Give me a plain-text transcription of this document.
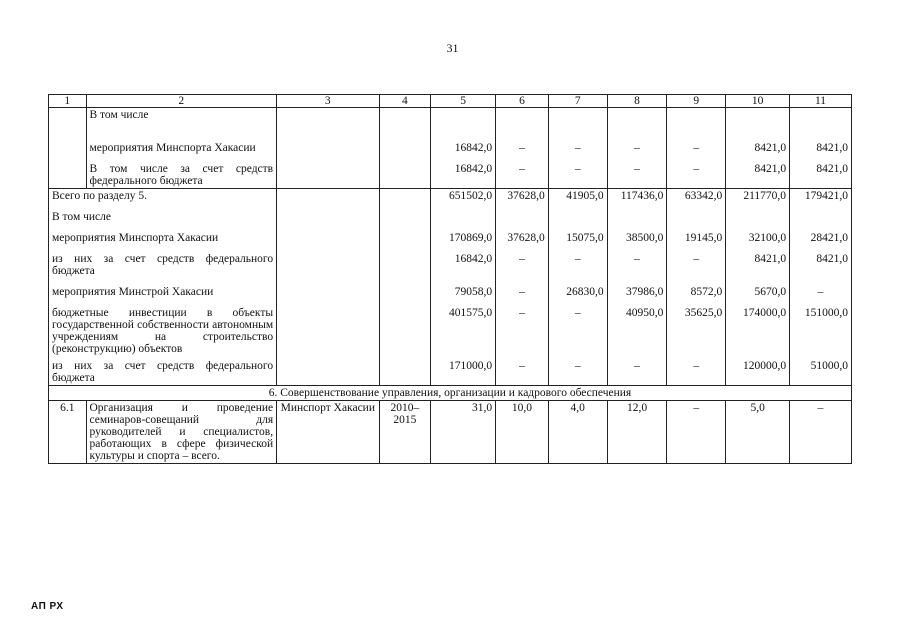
31
1	2	3	4	5	6	7	8	9	10	11
	В том числе									
	мероприятия Минспорта Хакасии			16842,0	–	–	–	–	8421,0	8421,0
	В том числе за счет средств федерального бюджета			16842,0	–	–	–	–	8421,0	8421,0
Всего по разделу 5.				651502,0	37628,0	41905,0	117436,0	63342,0	211770,0	179421,0
В том числе										
мероприятия Минспорта Хакасии				170869,0	37628,0	15075,0	38500,0	19145,0	32100,0	28421,0
из них за счет средств федерального бюджета				16842,0	–	–	–	–	8421,0	8421,0
мероприятия Минстрой Хакасии				79058,0	–	26830,0	37986,0	8572,0	5670,0	–
бюджетные инвестиции в объекты государственной собственности автономным учреждениям на строительство (реконструкцию) объектов				401575,0	–	–	40950,0	35625,0	174000,0	151000,0
из них за счет средств федерального бюджета				171000,0	–	–	–	–	120000,0	51000,0
6. Совершенствование управления, организации и кадрового обеспечения										
6.1	Организация и проведение семинаров-совещаний для руководителей и специалистов, работающих в сфере физической культуры и спорта – всего.	Минспорт Хакасии	2010– 2015	31,0	10,0	4,0	12,0	–	5,0	–
АП РХ
